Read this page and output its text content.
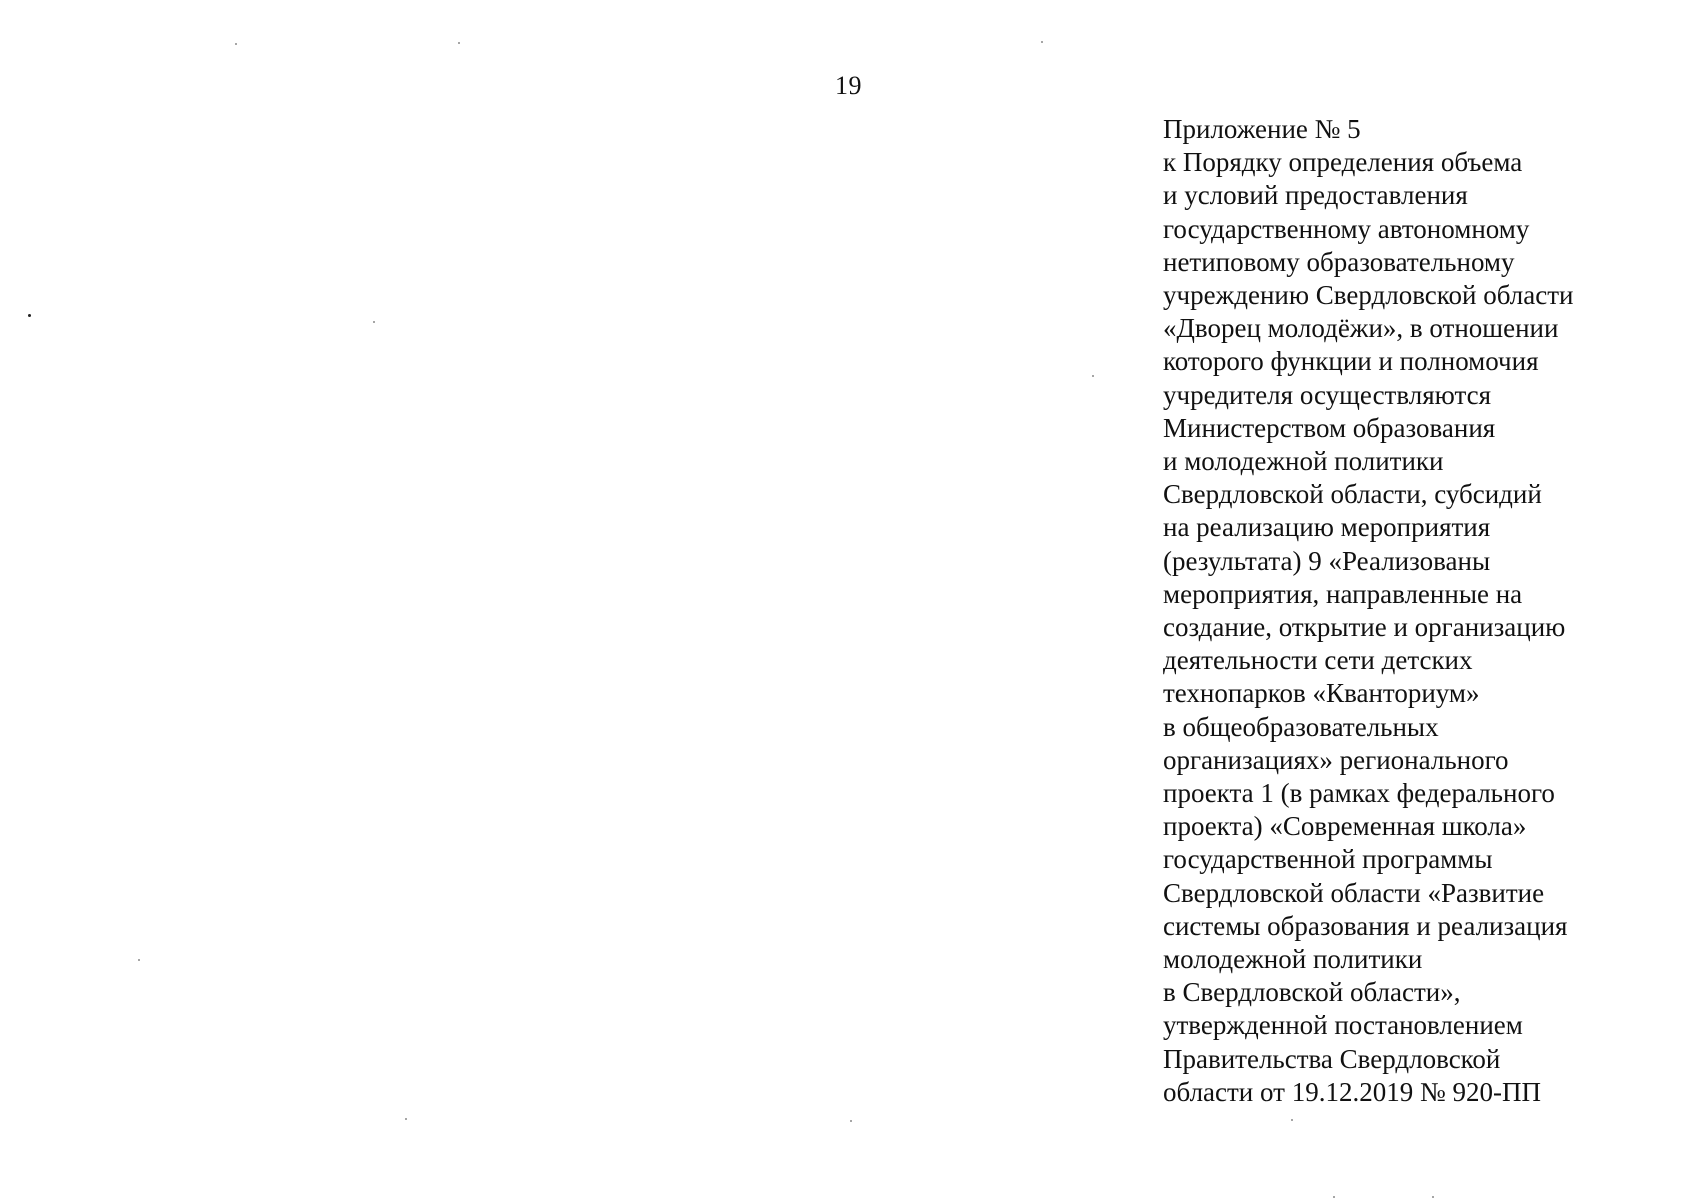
19
Приложение № 5
к Порядку определения объема
и условий предоставления
государственному автономному
нетиповому образовательному
учреждению Свердловской области
«Дворец молодёжи», в отношении
которого функции и полномочия
учредителя осуществляются
Министерством образования
и молодежной политики
Свердловской области, субсидий
на реализацию мероприятия
(результата) 9 «Реализованы
мероприятия, направленные на
создание, открытие и организацию
деятельности сети детских
технопарков «Кванториум»
в общеобразовательных
организациях» регионального
проекта 1 (в рамках федерального
проекта) «Современная школа»
государственной программы
Свердловской области «Развитие
системы образования и реализация
молодежной политики
в Свердловской области»,
утвержденной постановлением
Правительства Свердловской
области от 19.12.2019 № 920-ПП
